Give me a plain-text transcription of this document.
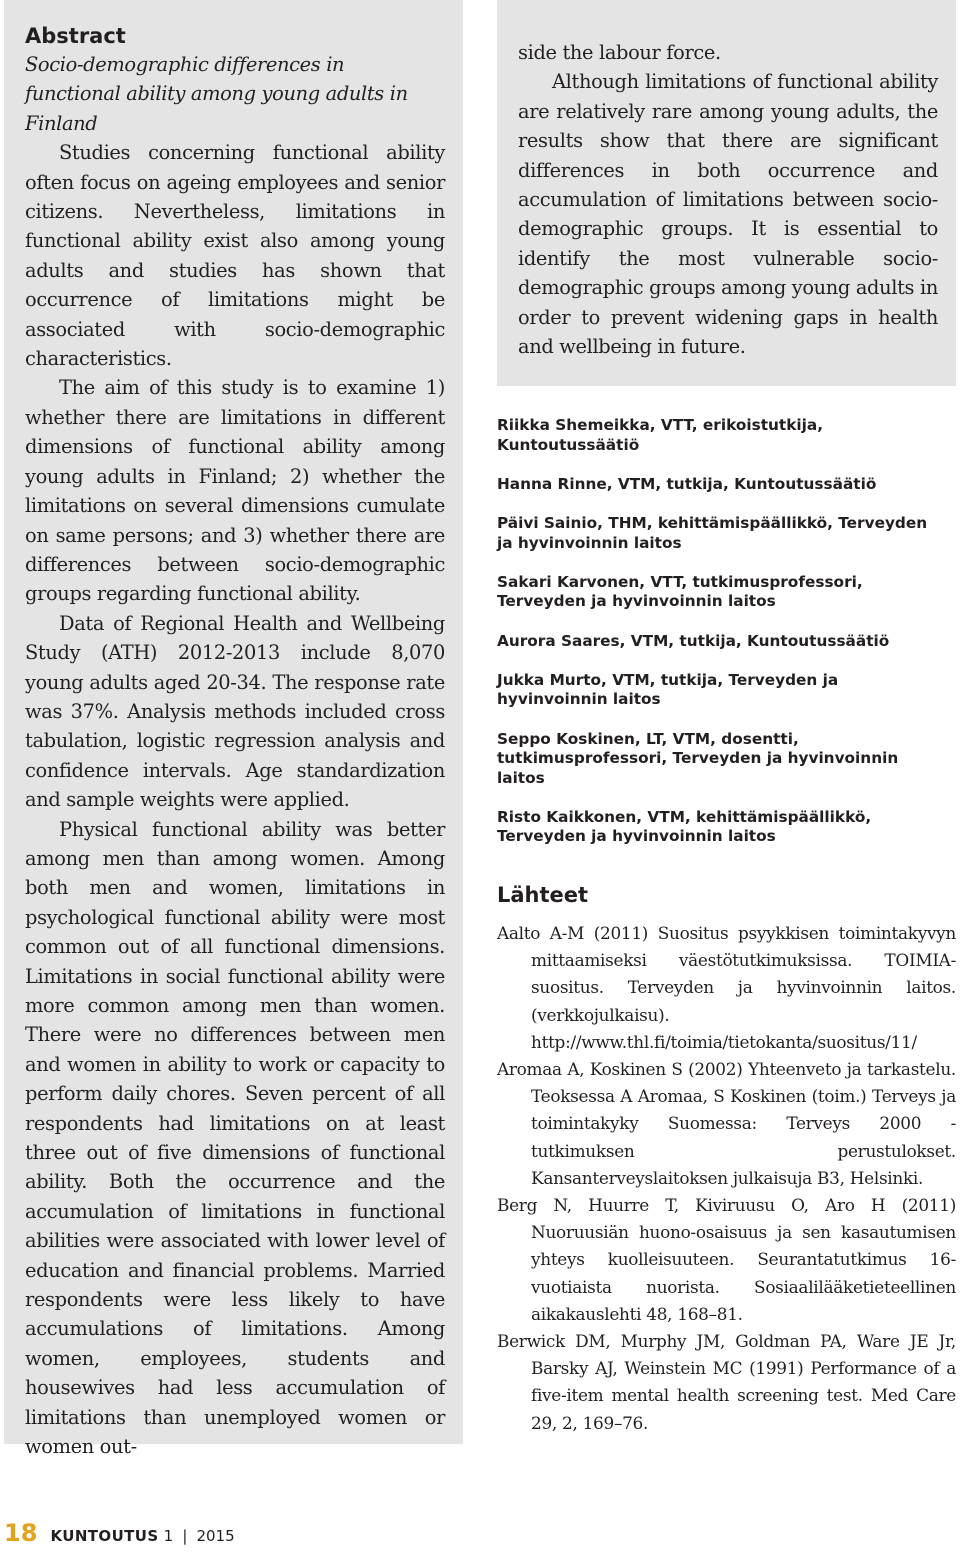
Abstract

Socio-demographic differences in functional ability among young adults in Finland

Studies concerning functional ability often focus on ageing employees and senior citizens. Nevertheless, limitations in functional ability exist also among young adults and studies has shown that occurrence of limitations might be associated with socio-demographic characteristics.

The aim of this study is to examine 1) whether there are limitations in different dimensions of functional ability among young adults in Finland; 2) whether the limitations on several dimensions cumulate on same persons; and 3) whether there are differences between socio-demographic groups regarding functional ability.

Data of Regional Health and Wellbeing Study (ATH) 2012-2013 include 8,070 young adults aged 20-34. The response rate was 37%. Analysis methods included cross tabulation, logistic regression analysis and confidence intervals. Age standardization and sample weights were applied.

Physical functional ability was better among men than among women. Among both men and women, limitations in psychological functional ability were most common out of all functional dimensions. Limitations in social functional ability were more common among men than women. There were no differences between men and women in ability to work or capacity to perform daily chores. Seven percent of all respondents had limitations on at least three out of five dimensions of functional ability. Both the occurrence and the accumulation of limitations in functional abilities were associated with lower level of education and financial problems. Married respondents were less likely to have accumulations of limitations. Among women, employees, students and housewives had less accumulation of limitations than unemployed women or women out-

side the labour force.

Although limitations of functional ability are relatively rare among young adults, the results show that there are significant differences in both occurrence and accumulation of limitations between socio-demographic groups. It is essential to identify the most vulnerable socio-demographic groups among young adults in order to prevent widening gaps in health and wellbeing in future.

Riikka Shemeikka, VTT, erikoistutkija, Kuntoutussäätiö

Hanna Rinne, VTM, tutkija, Kuntoutussäätiö

Päivi Sainio, THM, kehittämispäällikkö, Terveyden ja hyvinvoinnin laitos

Sakari Karvonen, VTT, tutkimusprofessori, Terveyden ja hyvinvoinnin laitos

Aurora Saares, VTM, tutkija, Kuntoutussäätiö

Jukka Murto, VTM, tutkija, Terveyden ja hyvinvoinnin laitos

Seppo Koskinen, LT, VTM, dosentti, tutkimusprofessori, Terveyden ja hyvinvoinnin laitos

Risto Kaikkonen, VTM, kehittämispäällikkö, Terveyden ja hyvinvoinnin laitos

Lähteet

Aalto A-M (2011) Suositus psyykkisen toimintakyvyn mittaamiseksi väestötutkimuksissa. TOIMIA-suositus. Terveyden ja hyvinvoinnin laitos. (verkkojulkaisu). http://www.thl.fi/toimia/tietokanta/suositus/11/

Aromaa A, Koskinen S (2002) Yhteenveto ja tarkastelu. Teoksessa A Aromaa, S Koskinen (toim.) Terveys ja toimintakyky Suomessa: Terveys 2000 -tutkimuksen perustulokset. Kansanterveyslaitoksen julkaisuja B3, Helsinki.

Berg N, Huurre T, Kiviruusu O, Aro H (2011) Nuoruusiän huono-osaisuus ja sen kasautumisen yhteys kuolleisuuteen. Seurantatutkimus 16-vuotiaista nuorista. Sosiaalilääketieteellinen aikakauslehti 48, 168–81.

Berwick DM, Murphy JM, Goldman PA, Ware JE Jr, Barsky AJ, Weinstein MC (1991) Performance of a five-item mental health screening test. Med Care 29, 2, 169–76.

18 KUNTOUTUS 1 | 2015
